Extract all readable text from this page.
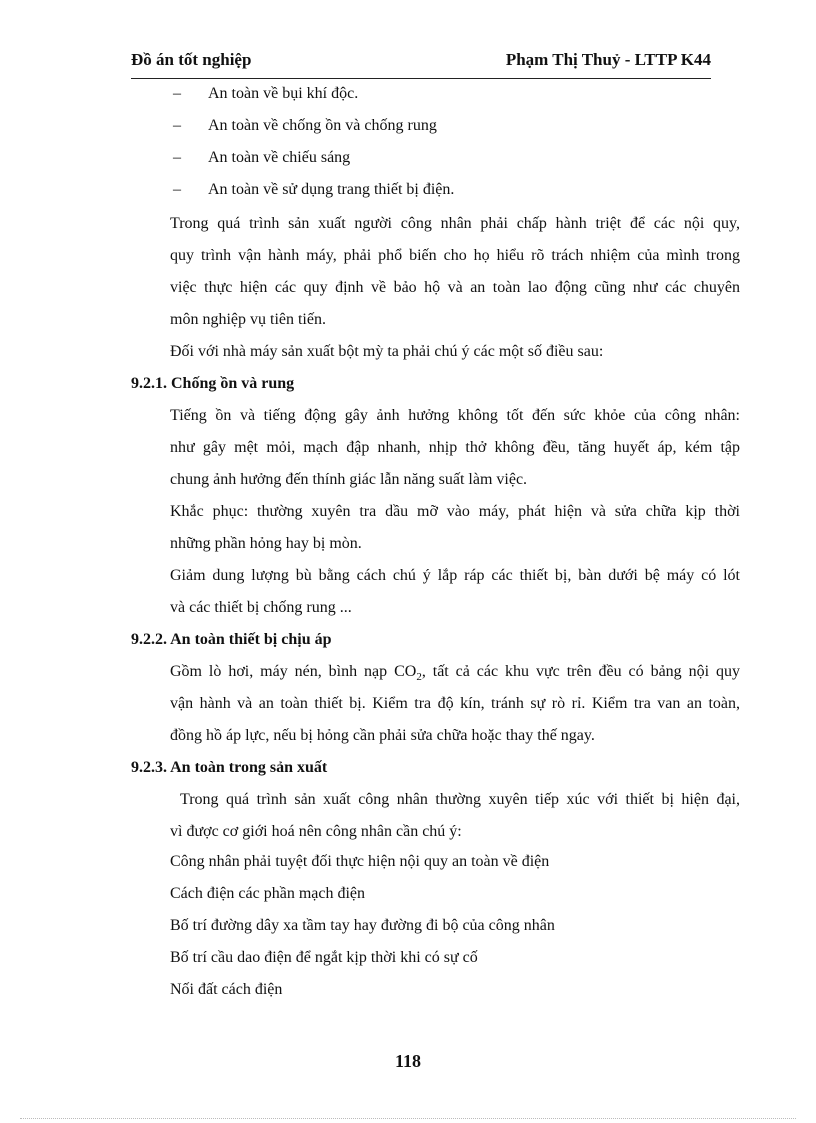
Đồ án tốt nghiệp	Phạm Thị Thuỷ - LTTP K44
–	An toàn về bụi khí độc.
–	An toàn về chống ồn và chống rung
–	An toàn về chiếu sáng
–	An toàn về sử dụng trang thiết bị điện.
Trong quá trình sản xuất người công nhân phải chấp hành triệt để các nội quy,
quy trình vận hành máy, phải phổ biến cho họ hiểu rõ trách nhiệm của mình trong
việc thực hiện các quy định về bảo hộ và an toàn lao động cũng như các chuyên
môn nghiệp vụ tiên tiến.
Đối với nhà máy sản xuất bột mỳ ta phải chú ý các một số điều sau:
9.2.1. Chống ồn và rung
Tiếng ồn và tiếng động gây ảnh hưởng không tốt đến sức khỏe của công nhân:
như gây mệt mỏi, mạch đập nhanh, nhịp thở không đều, tăng huyết áp, kém tập
chung ảnh hưởng đến thính giác lẫn năng suất làm việc.
Khắc phục: thường xuyên tra dầu mỡ vào máy, phát hiện và sửa chữa kịp thời
những phần hỏng hay bị mòn.
Giảm dung lượng bù bằng cách chú ý lắp ráp các thiết bị, bàn dưới bệ máy có lót
và các thiết bị chống rung ...
9.2.2. An toàn thiết bị chịu áp
Gồm lò hơi, máy nén, bình nạp $CO_2$, tất cả các khu vực trên đều có bảng nội quy
vận hành và an toàn thiết bị. Kiểm tra độ kín, tránh sự rò rỉ. Kiểm tra van an toàn,
đồng hồ áp lực, nếu bị hỏng cần phải sửa chữa hoặc thay thế ngay.
9.2.3. An toàn trong sản xuất
Trong quá trình sản xuất công nhân thường xuyên tiếp xúc với thiết bị hiện đại,
vì được cơ giới hoá nên công nhân cần chú ý:
Công nhân phải tuyệt đối thực hiện nội quy an toàn về điện
Cách điện các phần mạch điện
Bố trí đường dây xa tầm tay hay đường đi bộ của công nhân
Bố trí cầu dao điện để ngắt kịp thời khi có sự cố
Nối đất cách điện
118
